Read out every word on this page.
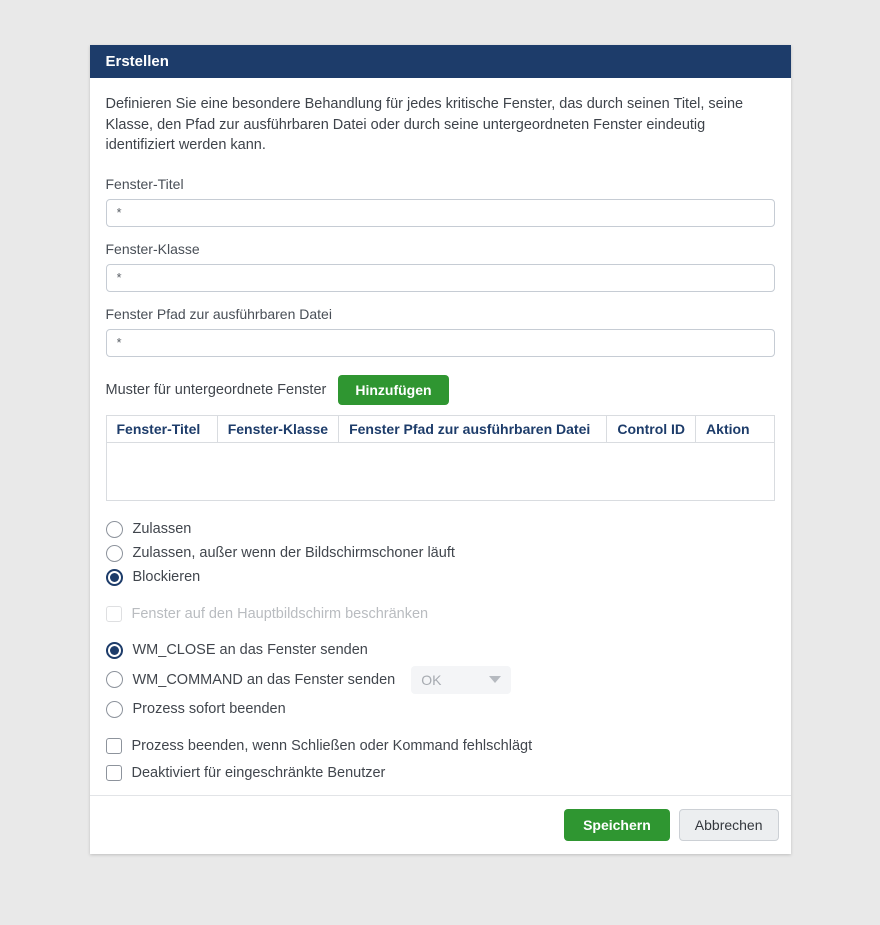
Erstellen

Definieren Sie eine besondere Behandlung für jedes kritische Fenster, das durch seinen Titel, seine Klasse, den Pfad zur ausführbaren Datei oder durch seine untergeordneten Fenster eindeutig identifiziert werden kann.

Fenster-Titel
*
Fenster-Klasse
*
Fenster Pfad zur ausführbaren Datei
*
Muster für untergeordnete Fenster	Hinzufügen
Fenster-Titel	Fenster-Klasse	Fenster Pfad zur ausführbaren Datei	Control ID	Aktion

Zulassen
Zulassen, außer wenn der Bildschirmschoner läuft
Blockieren
Fenster auf den Hauptbildschirm beschränken
WM_CLOSE an das Fenster senden
WM_COMMAND an das Fenster senden OK
Prozess sofort beenden
Prozess beenden, wenn Schließen oder Kommand fehlschlägt
Deaktiviert für eingeschränkte Benutzer
Speichern	Abbrechen
